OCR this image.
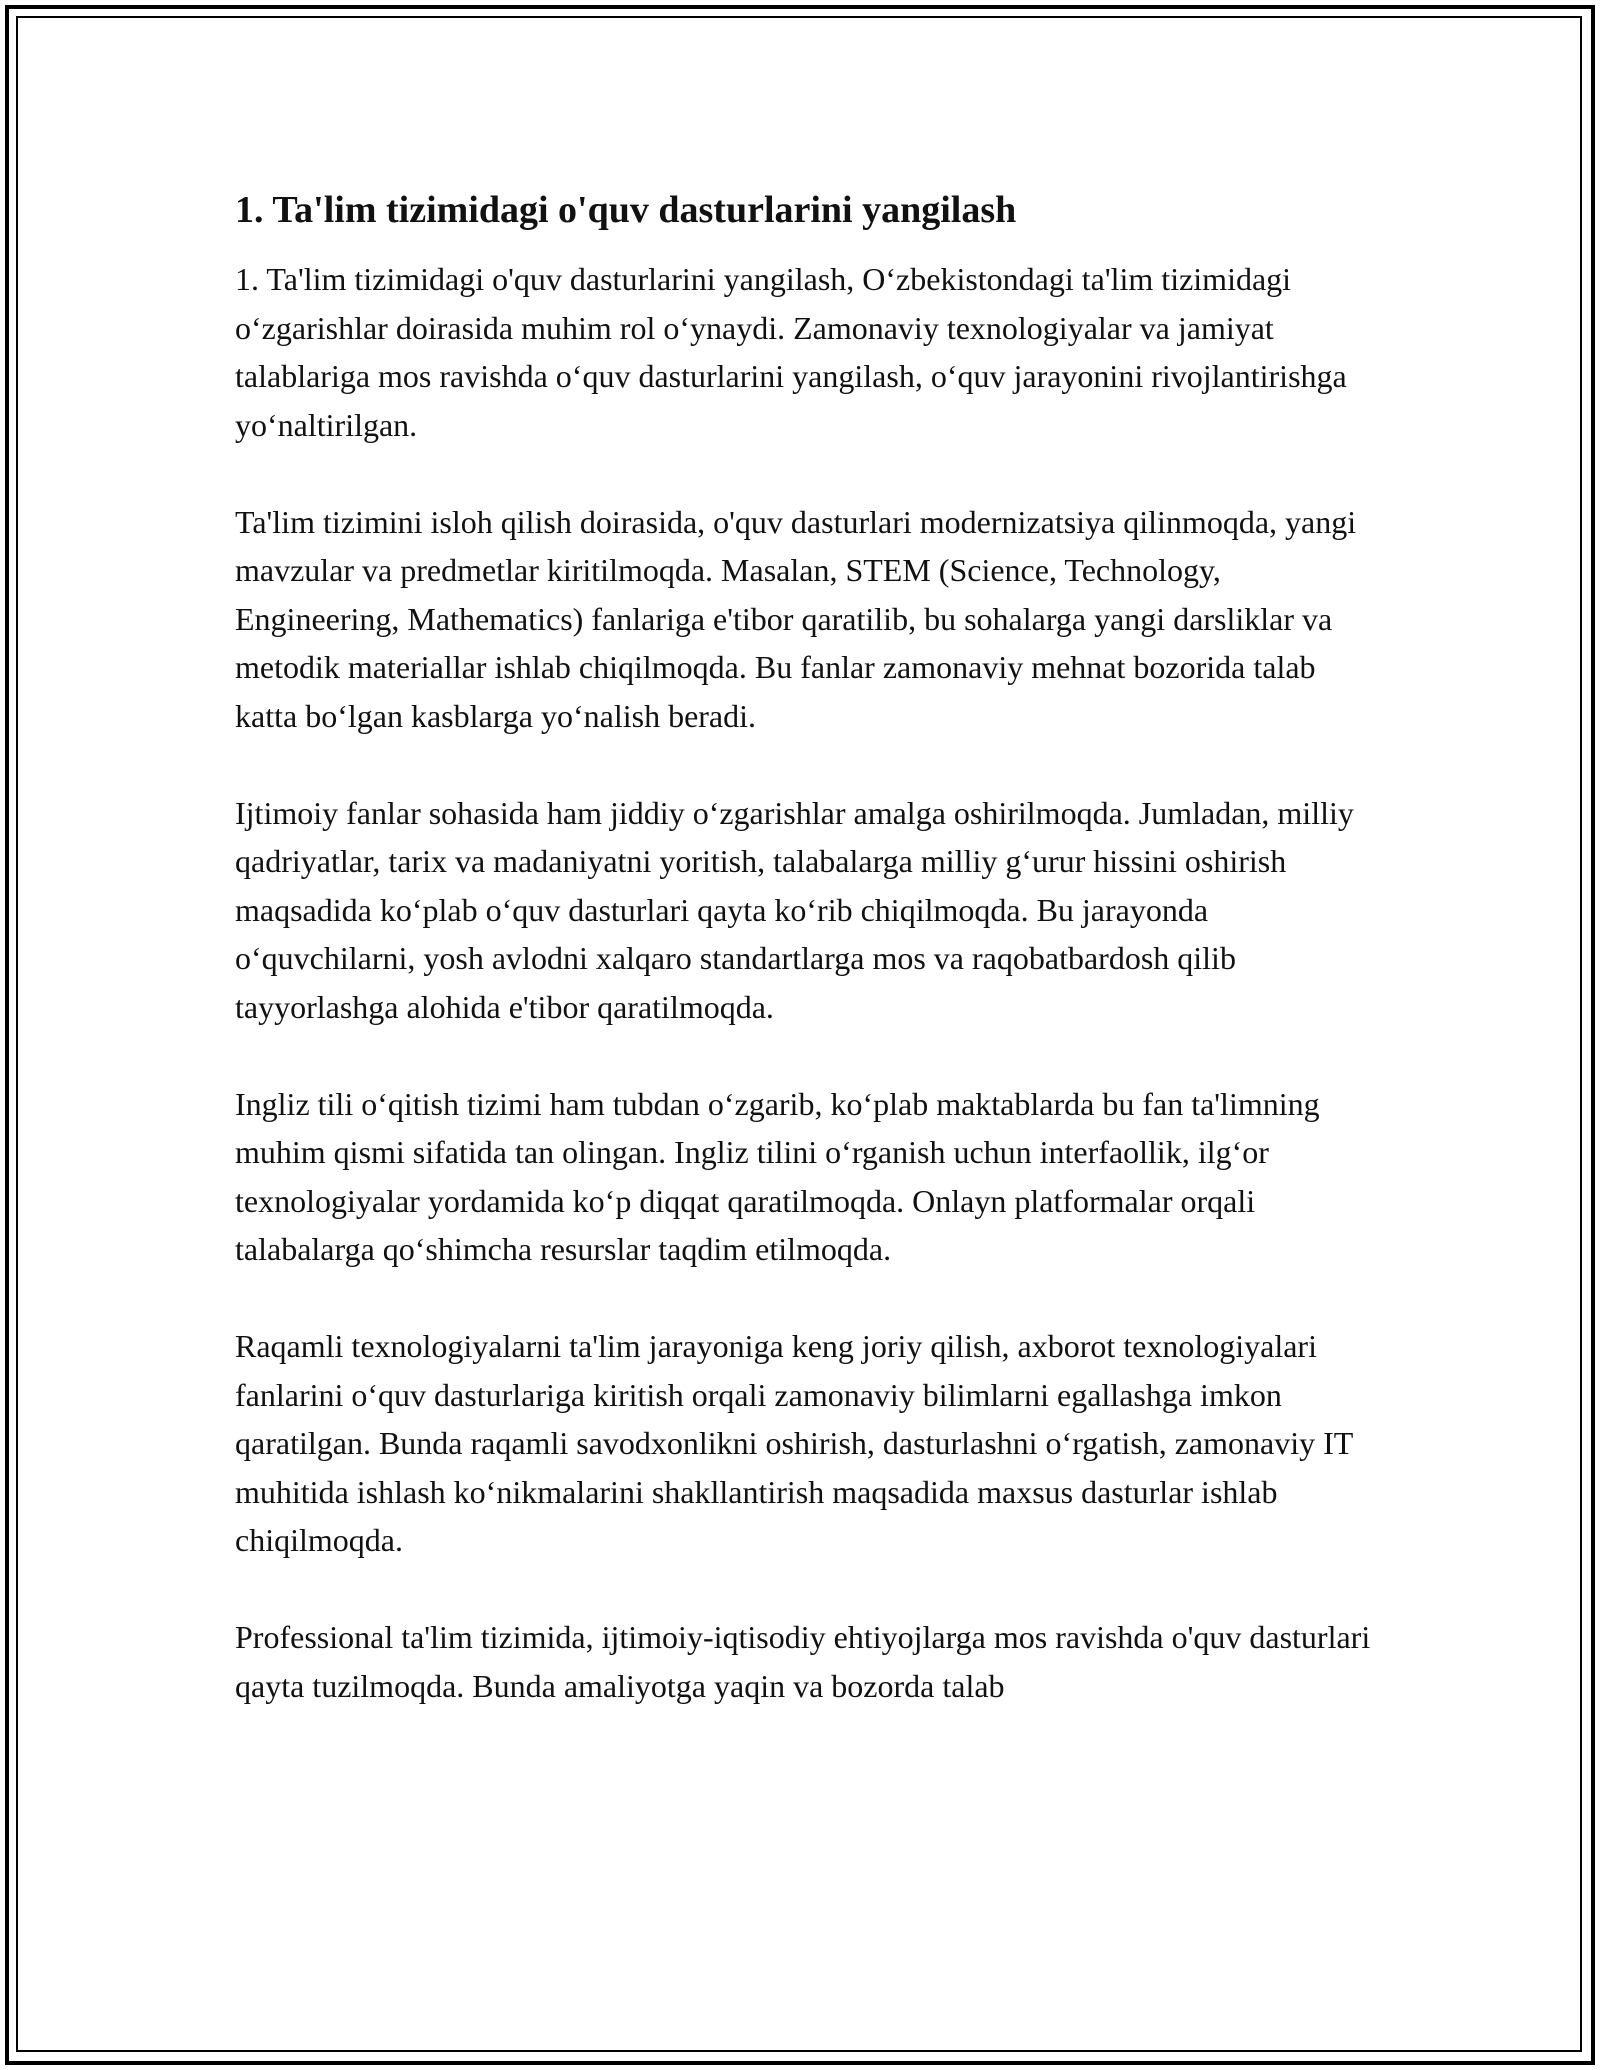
1. Ta'lim tizimidagi o'quv dasturlarini yangilash

1. Ta'lim tizimidagi o'quv dasturlarini yangilash, O‘zbekistondagi ta'lim tizimidagi o‘zgarishlar doirasida muhim rol o‘ynaydi. Zamonaviy texnologiyalar va jamiyat talablariga mos ravishda o‘quv dasturlarini yangilash, o‘quv jarayonini rivojlantirishga yo‘naltirilgan.

Ta'lim tizimini isloh qilish doirasida, o'quv dasturlari modernizatsiya qilinmoqda, yangi mavzular va predmetlar kiritilmoqda. Masalan, STEM (Science, Technology, Engineering, Mathematics) fanlariga e'tibor qaratilib, bu sohalarga yangi darsliklar va metodik materiallar ishlab chiqilmoqda. Bu fanlar zamonaviy mehnat bozorida talab katta bo‘lgan kasblarga yo‘nalish beradi.

Ijtimoiy fanlar sohasida ham jiddiy o‘zgarishlar amalga oshirilmoqda. Jumladan, milliy qadriyatlar, tarix va madaniyatni yoritish, talabalarga milliy g‘urur hissini oshirish maqsadida ko‘plab o‘quv dasturlari qayta ko‘rib chiqilmoqda. Bu jarayonda o‘quvchilarni, yosh avlodni xalqaro standartlarga mos va raqobatbardosh qilib tayyorlashga alohida e'tibor qaratilmoqda.

Ingliz tili o‘qitish tizimi ham tubdan o‘zgarib, ko‘plab maktablarda bu fan ta'limning muhim qismi sifatida tan olingan. Ingliz tilini o‘rganish uchun interfaollik, ilg‘or texnologiyalar yordamida ko‘p diqqat qaratilmoqda. Onlayn platformalar orqali talabalarga qo‘shimcha resurslar taqdim etilmoqda.

Raqamli texnologiyalarni ta'lim jarayoniga keng joriy qilish, axborot texnologiyalari fanlarini o‘quv dasturlariga kiritish orqali zamonaviy bilimlarni egallashga imkon qaratilgan. Bunda raqamli savodxonlikni oshirish, dasturlashni o‘rgatish, zamonaviy IT muhitida ishlash ko‘nikmalarini shakllantirish maqsadida maxsus dasturlar ishlab chiqilmoqda.

Professional ta'lim tizimida, ijtimoiy-iqtisodiy ehtiyojlarga mos ravishda o'quv dasturlari qayta tuzilmoqda. Bunda amaliyotga yaqin va bozorda talab
